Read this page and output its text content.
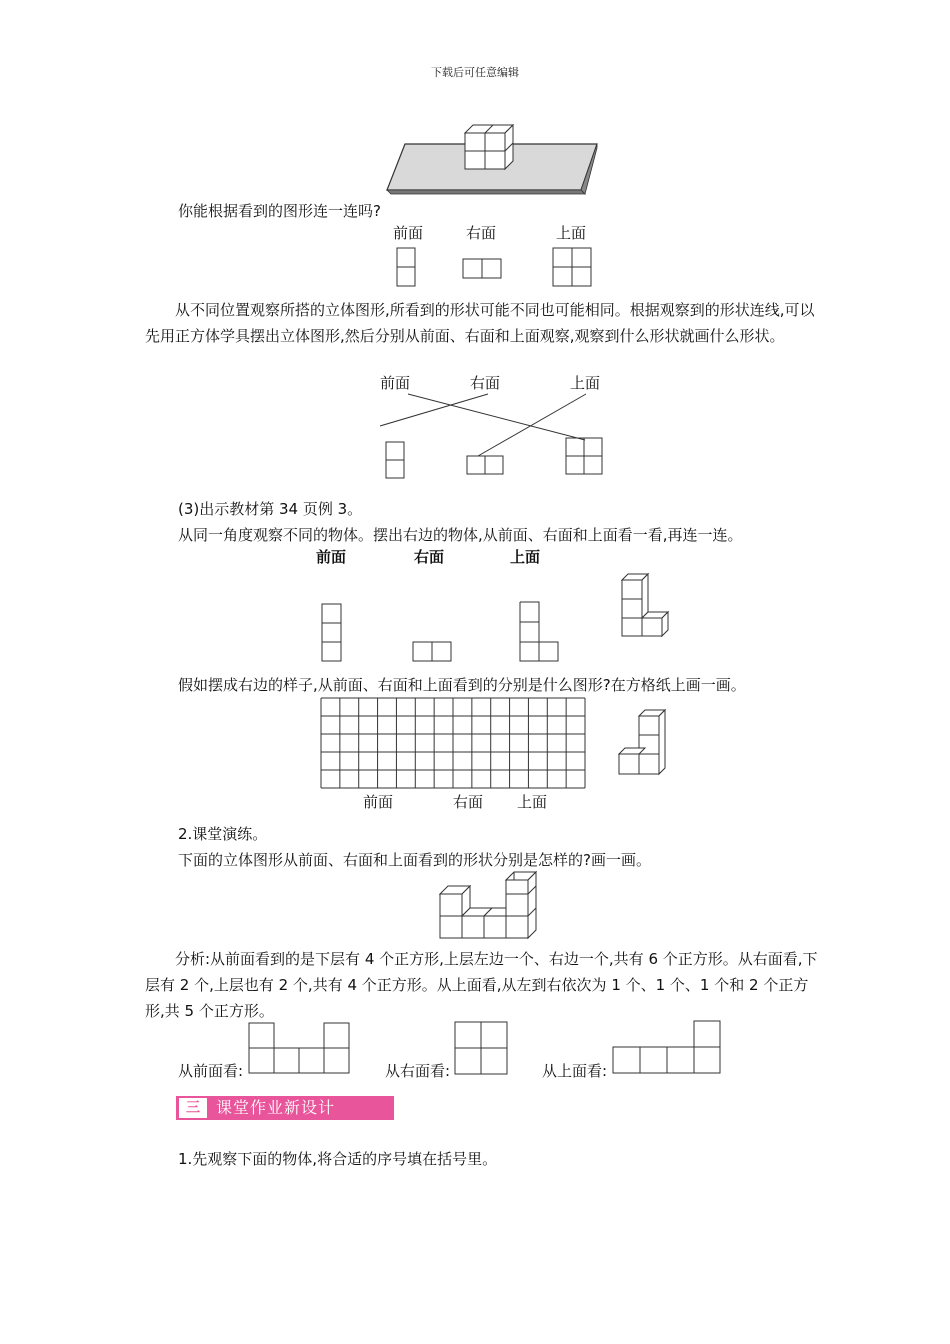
下载后可任意编辑
你能根据看到的图形连一连吗?
前面	右面	上面
从不同位置观察所搭的立体图形,所看到的形状可能不同也可能相同。根据观察到的形状连线,可以先用正方体学具摆出立体图形,然后分别从前面、右面和上面观察,观察到什么形状就画什么形状。
前面	右面	上面
(3)出示教材第 34 页例 3。
从同一角度观察不同的物体。摆出右边的物体,从前面、右面和上面看一看,再连一连。
前面	右面	上面
假如摆成右边的样子,从前面、右面和上面看到的分别是什么图形?在方格纸上画一画。
前面	右面 上面
2.课堂演练。
下面的立体图形从前面、右面和上面看到的形状分别是怎样的?画一画。
分析:从前面看到的是下层有 4 个正方形,上层左边一个、右边一个,共有 6 个正方形。从右面看,下层有 2 个,上层也有 2 个,共有 4 个正方形。从上面看,从左到右依次为 1 个、1 个、1 个和 2 个正方形,共 5 个正方形。
从前面看:	从右面看:	从上面看:
三	课堂作业新设计
1.先观察下面的物体,将合适的序号填在括号里。
